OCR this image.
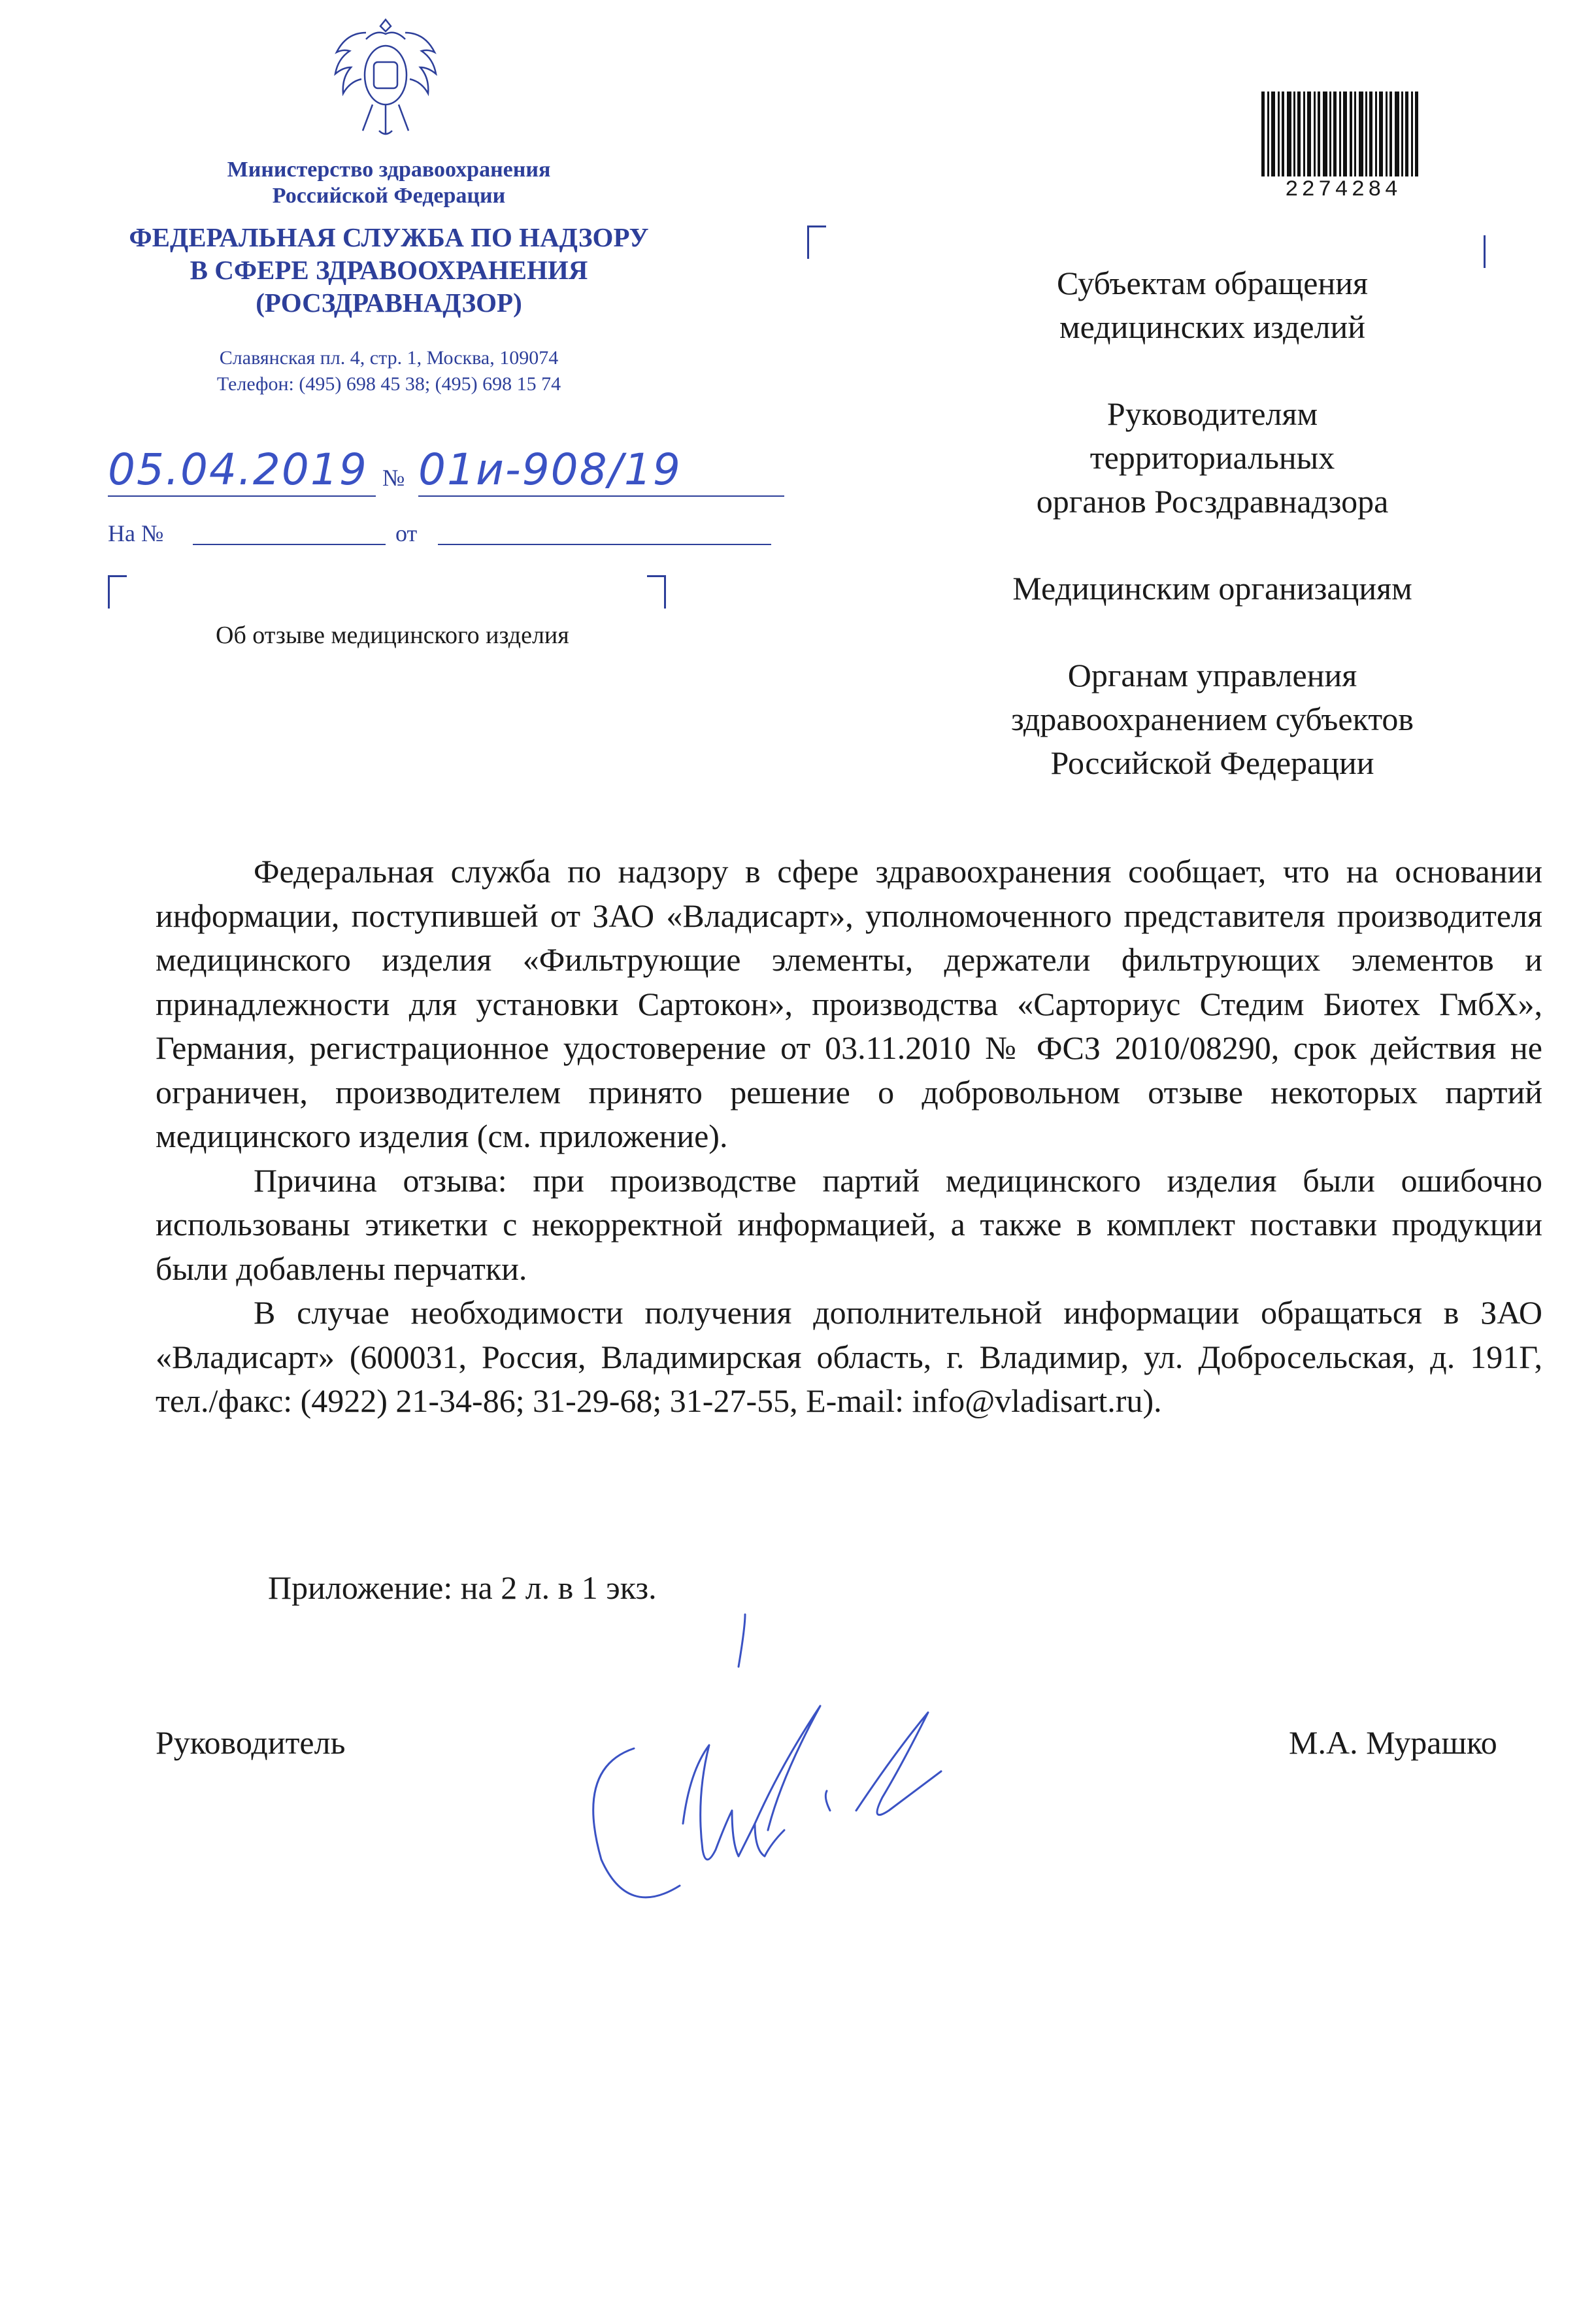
Министерство здравоохранения
Российской Федерации
ФЕДЕРАЛЬНАЯ СЛУЖБА ПО НАДЗОРУ
В СФЕРЕ ЗДРАВООХРАНЕНИЯ
(РОСЗДРАВНАДЗОР)
Славянская пл. 4, стр. 1, Москва, 109074
Телефон: (495) 698 45 38; (495) 698 15 74
05.04.2019 № 01и-908/19
На №	от
Об отзыве медицинского изделия
2274284
Субъектам обращения
медицинских изделий
Руководителям
территориальных
органов Росздравнадзора
Медицинским организациям
Органам управления
здравоохранением субъектов
Российской Федерации

Федеральная служба по надзору в сфере здравоохранения сообщает, что на основании информации, поступившей от ЗАО «Владисарт», уполномоченного представителя производителя медицинского изделия «Фильтрующие элементы, держатели фильтрующих элементов и принадлежности для установки Сартокон», производства «Сарториус Стедим Биотех ГмбХ», Германия, регистрационное удостоверение от 03.11.2010 № ФСЗ 2010/08290, срок действия не ограничен, производителем принято решение о добровольном отзыве некоторых партий медицинского изделия (см. приложение).

Причина отзыва: при производстве партий медицинского изделия были ошибочно использованы этикетки с некорректной информацией, а также в комплект поставки продукции были добавлены перчатки.

В случае необходимости получения дополнительной информации обращаться в ЗАО «Владисарт» (600031, Россия, Владимирская область, г. Владимир, ул. Добросельская, д. 191Г, тел./факс: (4922) 21-34-86; 31-29-68; 31-27-55, E-mail: info@vladisart.ru).

Приложение: на 2 л. в 1 экз.
Руководитель	М.А. Мурашко
